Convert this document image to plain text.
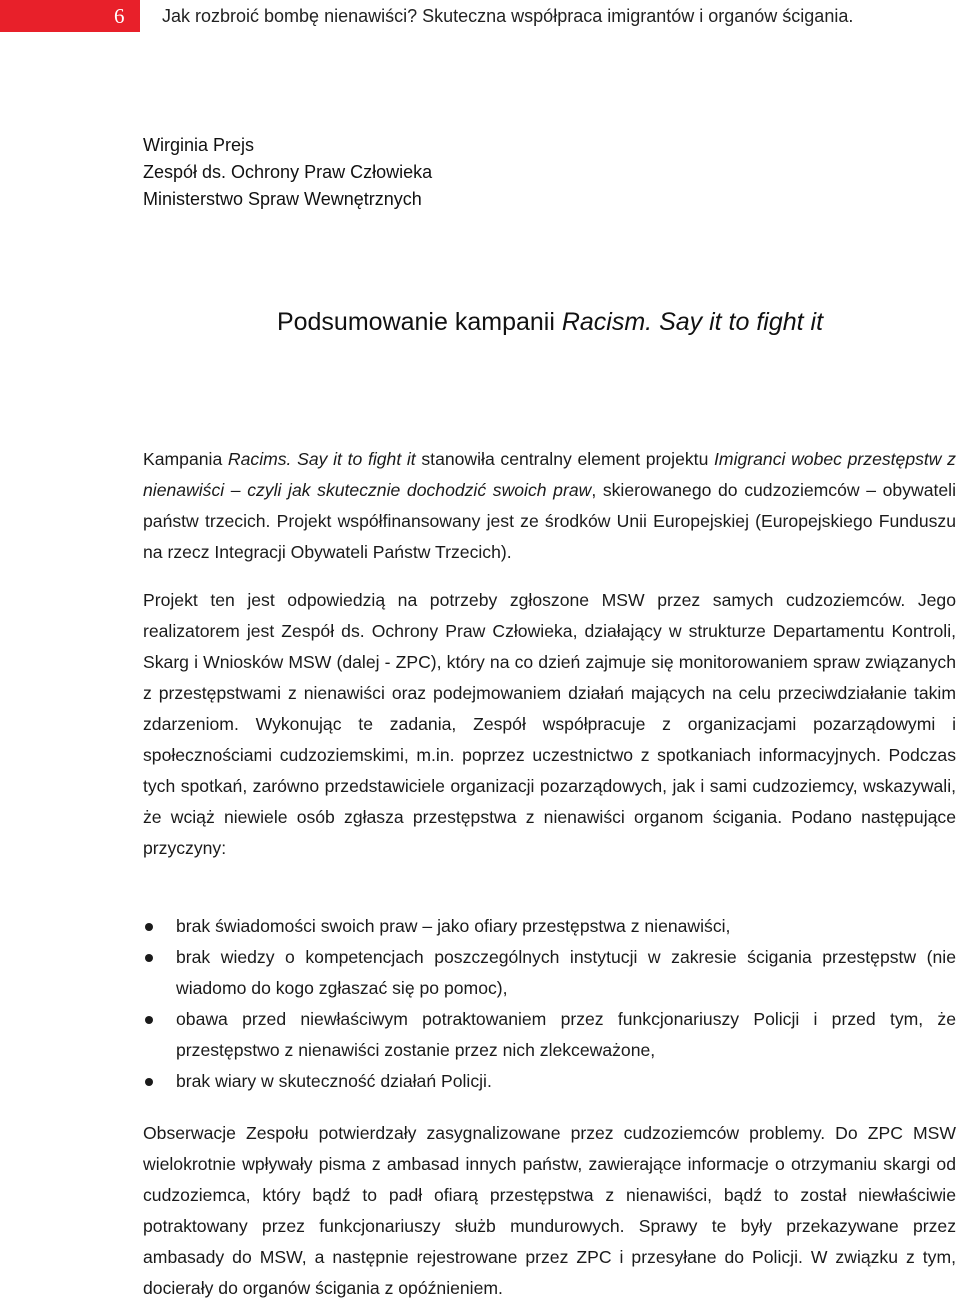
6 Jak rozbroić bombę nienawiści? Skuteczna współpraca imigrantów i organów ścigania.
Wirginia Prejs
Zespół ds. Ochrony Praw Człowieka
Ministerstwo Spraw Wewnętrznych
Podsumowanie kampanii Racism. Say it to fight it

Kampania Racims. Say it to fight it stanowiła centralny element projektu Imigranci wobec przestępstw z nienawiści – czyli jak skutecznie dochodzić swoich praw, skierowanego do cudzoziemców – obywateli państw trzecich. Projekt współfinansowany jest ze środków Unii Europejskiej (Europejskiego Funduszu na rzecz Integracji Obywateli Państw Trzecich).

Projekt ten jest odpowiedzią na potrzeby zgłoszone MSW przez samych cudzoziemców. Jego realizatorem jest Zespół ds. Ochrony Praw Człowieka, działający w strukturze Departamentu Kontroli, Skarg i Wniosków MSW (dalej - ZPC), który na co dzień zajmuje się monitorowaniem spraw związanych z przestępstwami z nienawiści oraz podejmowaniem działań mających na celu przeciwdziałanie takim zdarzeniom. Wykonując te zadania, Zespół współpracuje z organizacjami pozarządowymi i społecznościami cudzoziemskimi, m.in. poprzez uczestnictwo z spotkaniach informacyjnych. Podczas tych spotkań, zarówno przedstawiciele organizacji pozarządowych, jak i sami cudzoziemcy, wskazywali, że wciąż niewiele osób zgłasza przestępstwa z nienawiści organom ścigania. Podano następujące przyczyny:

brak świadomości swoich praw – jako ofiary przestępstwa z nienawiści,
brak wiedzy o kompetencjach poszczególnych instytucji w zakresie ścigania przestępstw (nie wiadomo do kogo zgłaszać się po pomoc),
obawa przed niewłaściwym potraktowaniem przez funkcjonariuszy Policji i przed tym, że przestępstwo z nienawiści zostanie przez nich zlekceważone,
brak wiary w skuteczność działań Policji.

Obserwacje Zespołu potwierdzały zasygnalizowane przez cudzoziemców problemy. Do ZPC MSW wielokrotnie wpływały pisma z ambasad innych państw, zawierające informacje o otrzymaniu skargi od cudzoziemca, który bądź to padł ofiarą przestępstwa z nienawiści, bądź to został niewłaściwie potraktowany przez funkcjonariuszy służb mundurowych. Sprawy te były przekazywane przez ambasady do MSW, a następnie rejestrowane przez ZPC i przesyłane do Policji. W związku z tym, docierały do organów ścigania z opóźnieniem.
